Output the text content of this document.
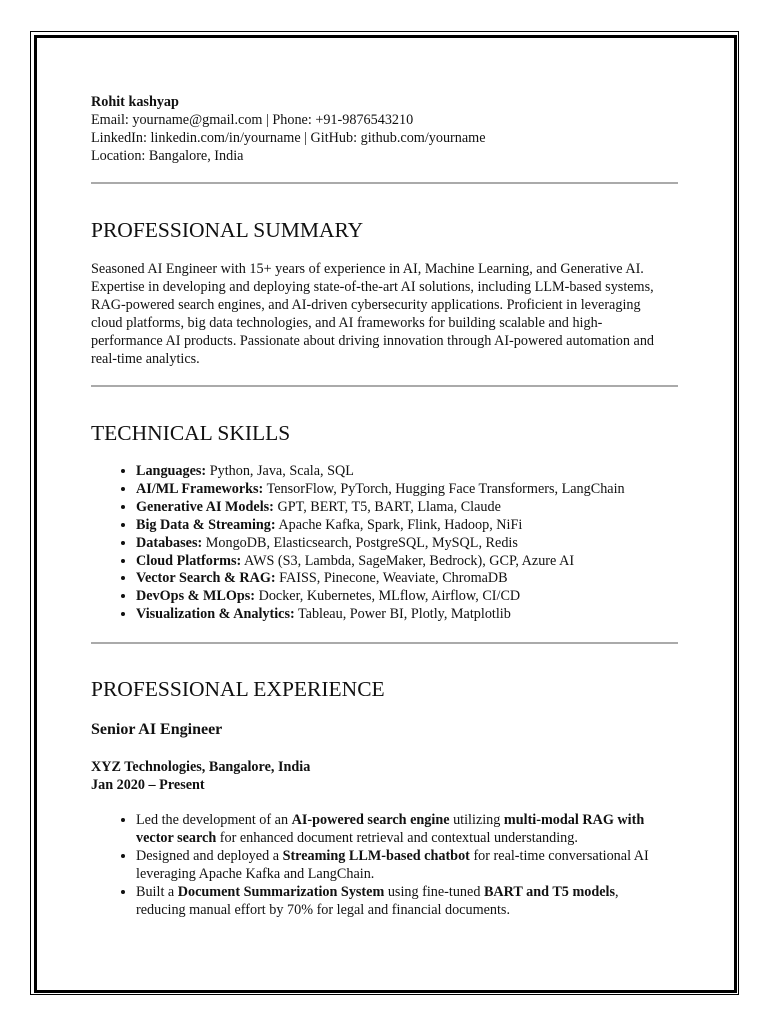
Rohit kashyap

Email: yourname@gmail.com | Phone: +91-9876543210

LinkedIn: linkedin.com/in/yourname | GitHub: github.com/yourname

Location: Bangalore, India

PROFESSIONAL SUMMARY
Seasoned AI Engineer with 15+ years of experience in AI, Machine Learning, and Generative AI. Expertise in developing and deploying state-of-the-art AI solutions, including LLM-based systems, RAG-powered search engines, and AI-driven cybersecurity applications. Proficient in leveraging cloud platforms, big data technologies, and AI frameworks for building scalable and high-performance AI products. Passionate about driving innovation through AI-powered automation and real-time analytics.
TECHNICAL SKILLS
• Languages: Python, Java, Scala, SQL
• AI/ML Frameworks: TensorFlow, PyTorch, Hugging Face Transformers, LangChain
• Generative AI Models: GPT, BERT, T5, BART, Llama, Claude
• Big Data & Streaming: Apache Kafka, Spark, Flink, Hadoop, NiFi
• Databases: MongoDB, Elasticsearch, PostgreSQL, MySQL, Redis
• Cloud Platforms: AWS (S3, Lambda, SageMaker, Bedrock), GCP, Azure AI
• Vector Search & RAG: FAISS, Pinecone, Weaviate, ChromaDB
• DevOps & MLOps: Docker, Kubernetes, MLflow, Airflow, CI/CD
• Visualization & Analytics: Tableau, Power BI, Plotly, Matplotlib
PROFESSIONAL EXPERIENCE

Senior AI Engineer

XYZ Technologies, Bangalore, India

Jan 2020 – Present

• Led the development of an AI-powered search engine utilizing multi-modal RAG with vector search for enhanced document retrieval and contextual understanding.
• Designed and deployed a Streaming LLM-based chatbot for real-time conversational AI leveraging Apache Kafka and LangChain.
• Built a Document Summarization System using fine-tuned BART and T5 models, reducing manual effort by 70% for legal and financial documents.
